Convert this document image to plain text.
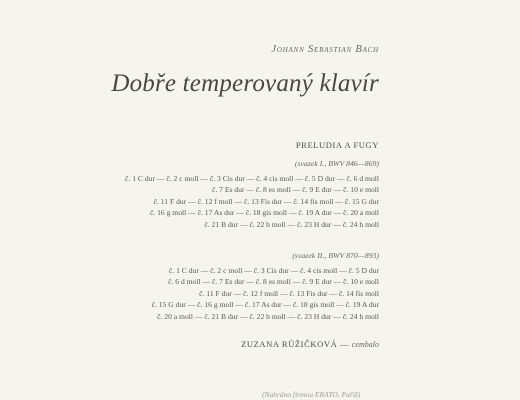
Johann Sebastian Bach
Dobře temperovaný klavír
PRELUDIA A FUGY
(svazek I., BWV 846—869)
č. 1 C dur — č. 2 c moll — č. 3 Cis dur — č. 4 cis moll — č. 5 D dur — č. 6 d moll
č. 7 Es dur — č. 8 es moll — č. 9 E dur — č. 10 e moll
č. 11 F dur — č. 12 f moll — č. 13 Fis dur — č. 14 fis moll — č. 15 G dur
č. 16 g moll — č. 17 As dur — č. 18 gis moll — č. 19 A dur — č. 20 a moll
č. 21 B dur — č. 22 b moll — č. 23 H dur — č. 24 h moll
(svazek II., BWV 870—893)
č. 1 C dur — č. 2 c moll — č. 3 Cis dur — č. 4 cis moll — č. 5 D dur
č. 6 d moll — č. 7 Es dur — č. 8 es moll — č. 9 E dur — č. 10 e moll
č. 11 F dur — č. 12 f moll — č. 13 Fis dur — č. 14 fis moll
č. 15 G dur — č. 16 g moll — č. 17 As dur — č. 18 gis moll — č. 19 A dur
č. 20 a moll — č. 21 B dur — č. 22 b moll — č. 23 H dur — č. 24 h moll
ZUZANA RŮŽIČKOVÁ — cembalo
(Nahráno firmou ERATO, Paříž)
